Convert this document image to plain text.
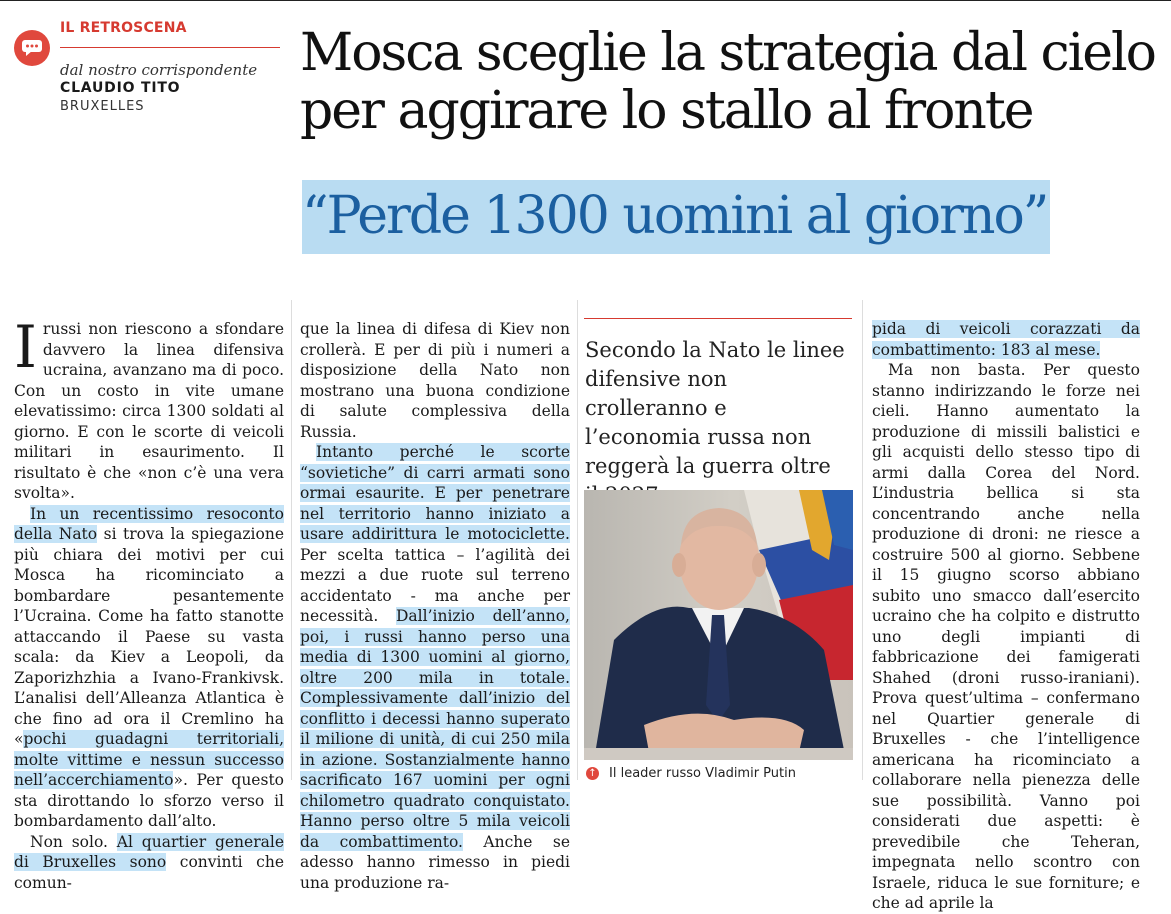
IL RETROSCENA
dal nostro corrispondente
CLAUDIO TITO
BRUXELLES
Mosca sceglie la strategia dal cielo
per aggirare lo stallo al fronte
“Perde 1300 uomini al giorno”

Irussi non riescono a sfondare davvero la linea difensiva ucraina, avanzano ma di poco. Con un costo in vite umane elevatissimo: circa 1300 soldati al giorno. E con le scorte di veicoli militari in esaurimento. Il risultato è che «non c’è una vera svolta».

In un recentissimo resoconto della Nato si trova la spiegazione più chiara dei motivi per cui Mosca ha ricominciato a bombardare pesantemente l’Ucraina. Come ha fatto stanotte attaccando il Paese su vasta scala: da Kiev a Leopoli, da Zaporizhzhia a Ivano-Frankivsk. L’analisi dell’Alleanza Atlantica è che fino ad ora il Cremlino ha «pochi guadagni territoriali, molte vittime e nessun successo nell’accerchiamento». Per questo sta dirottando lo sforzo verso il bombardamento dall’alto.

Non solo. Al quartier generale di Bruxelles sono convinti che comun-

que la linea di difesa di Kiev non crollerà. E per di più i numeri a disposizione della Nato non mostrano una buona condizione di salute complessiva della Russia.

Intanto perché le scorte “sovietiche” di carri armati sono ormai esaurite. E per penetrare nel territorio hanno iniziato a usare addirittura le motociclette. Per scelta tattica – l’agilità dei mezzi a due ruote sul terreno accidentato - ma anche per necessità. Dall’inizio dell’anno, poi, i russi hanno perso una media di 1300 uomini al giorno, oltre 200 mila in totale. Complessivamente dall’inizio del conflitto i decessi hanno superato il milione di unità, di cui 250 mila in azione. Sostanzialmente hanno sacrificato 167 uomini per ogni chilometro quadrato conquistato. Hanno perso oltre 5 mila veicoli da combattimento. Anche se adesso hanno rimesso in piedi una produzione ra-

Secondo la Nato le linee difensive non crolleranno e l’economia russa non reggerà la guerra oltre

↑ Il leader russo Vladimir Putin

pida di veicoli corazzati da combattimento: 183 al mese.

Ma non basta. Per questo stanno indirizzando le forze nei cieli. Hanno aumentato la produzione di missili balistici e gli acquisti dello stesso tipo di armi dalla Corea del Nord. L’industria bellica si sta concentrando anche nella produzione di droni: ne riesce a costruire 500 al giorno. Sebbene il 15 giugno scorso abbiano subito uno smacco dall’esercito ucraino che ha colpito e distrutto uno degli impianti di fabbricazione dei famigerati Shahed (droni russo-iraniani). Prova quest’ultima – confermano nel Quartier generale di Bruxelles - che l’intelligence americana ha ricominciato a collaborare nella pienezza delle sue possibilità. Vanno poi considerati due aspetti: è prevedibile che Teheran, impegnata nello scontro con Israele, riduca le sue forniture; e che ad aprile la
